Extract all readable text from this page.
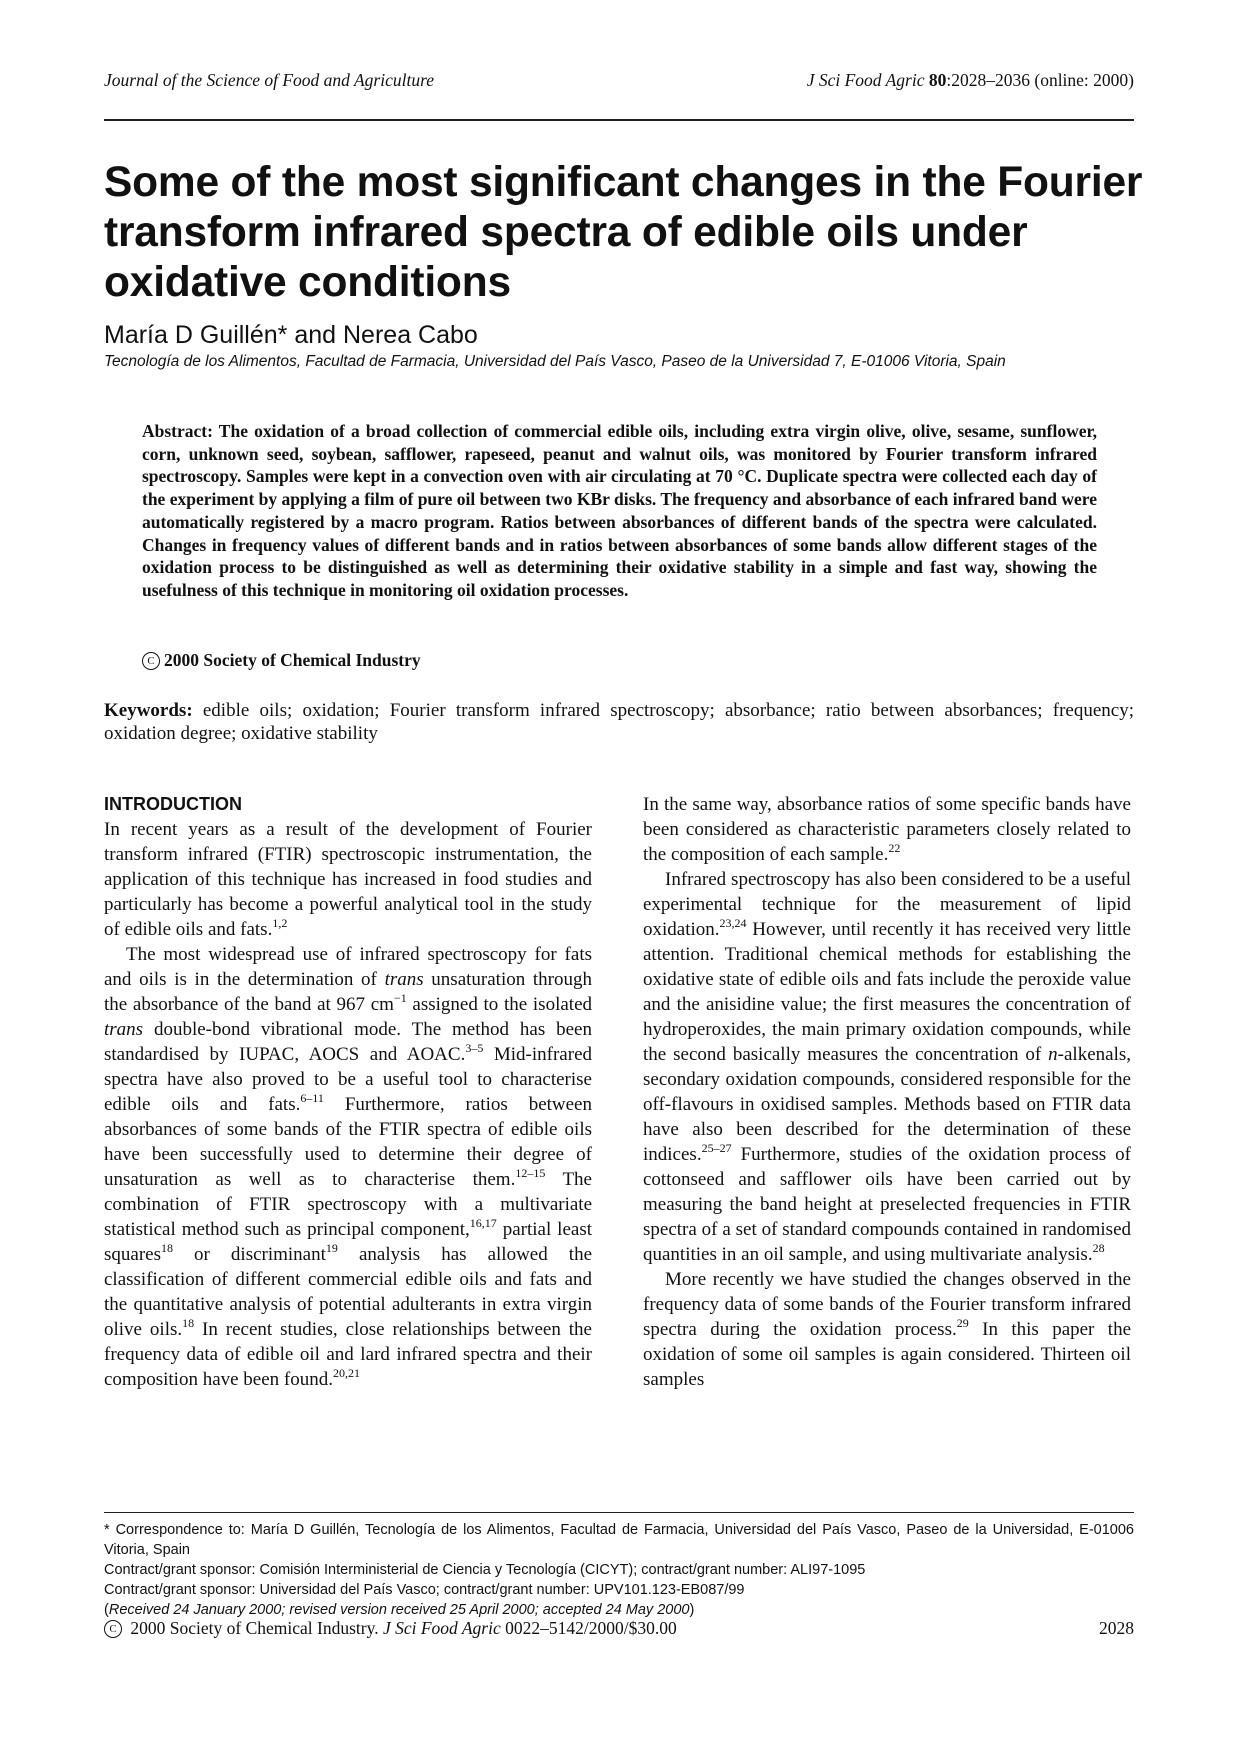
Journal of the Science of Food and Agriculture	J Sci Food Agric 80:2028–2036 (online: 2000)
Some of the most significant changes in the Fourier transform infrared spectra of edible oils under oxidative conditions
María D Guillén* and Nerea Cabo
Tecnología de los Alimentos, Facultad de Farmacia, Universidad del País Vasco, Paseo de la Universidad 7, E-01006 Vitoria, Spain

Abstract: The oxidation of a broad collection of commercial edible oils, including extra virgin olive, olive, sesame, sunflower, corn, unknown seed, soybean, safflower, rapeseed, peanut and walnut oils, was monitored by Fourier transform infrared spectroscopy. Samples were kept in a convection oven with air circulating at 70 °C. Duplicate spectra were collected each day of the experiment by applying a film of pure oil between two KBr disks. The frequency and absorbance of each infrared band were automatically registered by a macro program. Ratios between absorbances of different bands of the spectra were calculated. Changes in frequency values of different bands and in ratios between absorbances of some bands allow different stages of the oxidation process to be distinguished as well as determining their oxidative stability in a simple and fast way, showing the usefulness of this technique in monitoring oil oxidation processes.

C 2000 Society of Chemical Industry
Keywords: edible oils; oxidation; Fourier transform infrared spectroscopy; absorbance; ratio between absorbances; frequency; oxidation degree; oxidative stability

INTRODUCTION

In recent years as a result of the development of Fourier transform infrared (FTIR) spectroscopic instrumentation, the application of this technique has increased in food studies and particularly has become a powerful analytical tool in the study of edible oils and fats.$^{1,2}$

The most widespread use of infrared spectroscopy for fats and oils is in the determination of trans unsaturation through the absorbance of the band at 967 $cm^{-1}$ assigned to the isolated trans double-bond vibrational mode. The method has been standardised by IUPAC, AOCS and AOAC.$^{3-5}$ Mid-infrared spectra have also proved to be a useful tool to characterise edible oils and fats.$^{6-11}$ Furthermore, ratios between absorbances of some bands of the FTIR spectra of edible oils have been successfully used to determine their degree of unsaturation as well as to characterise them.$^{12-15}$ The combination of FTIR spectroscopy with a multivariate statistical method such as principal component,$^{16,17}$ partial least squares$^{18}$ or discriminant$^{19}$ analysis has allowed the classification of different commercial edible oils and fats and the quantitative analysis of potential adulterants in extra virgin olive oils.$^{18}$ In recent studies, close relationships between the frequency data of edible oil and lard infrared spectra and their composition have been found.$^{20,21}$

In the same way, absorbance ratios of some specific bands have been considered as characteristic parameters closely related to the composition of each sample.$^{22}$

Infrared spectroscopy has also been considered to be a useful experimental technique for the measurement of lipid oxidation.$^{23,24}$ However, until recently it has received very little attention. Traditional chemical methods for establishing the oxidative state of edible oils and fats include the peroxide value and the anisidine value; the first measures the concentration of hydroperoxides, the main primary oxidation compounds, while the second basically measures the concentration of n-alkenals, secondary oxidation compounds, considered responsible for the off-flavours in oxidised samples. Methods based on FTIR data have also been described for the determination of these indices.$^{25-27}$ Furthermore, studies of the oxidation process of cottonseed and safflower oils have been carried out by measuring the band height at preselected frequencies in FTIR spectra of a set of standard compounds contained in randomised quantities in an oil sample, and using multivariate analysis.$^{28}$

More recently we have studied the changes observed in the frequency data of some bands of the Fourier transform infrared spectra during the oxidation process.$^{29}$ In this paper the oxidation of some oil samples is again considered. Thirteen oil samples

* Correspondence to: María D Guillén, Tecnología de los Alimentos, Facultad de Farmacia, Universidad del País Vasco, Paseo de la Universidad, E-01006 Vitoria, Spain

Contract/grant sponsor: Comisión Interministerial de Ciencia y Tecnología (CICYT); contract/grant number: ALI97-1095

Contract/grant sponsor: Universidad del País Vasco; contract/grant number: UPV101.123-EB087/99

(Received 24 January 2000; revised version received 25 April 2000; accepted 24 May 2000)

C 2000 Society of Chemical Industry. J Sci Food Agric 0022–5142/2000/$30.00	2028
